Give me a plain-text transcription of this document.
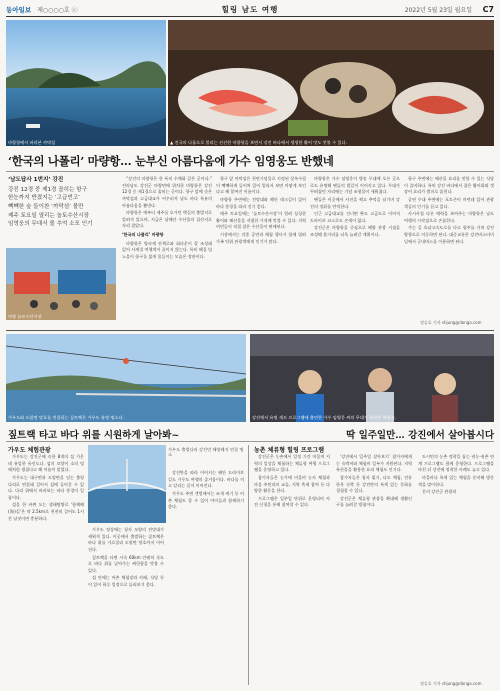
동아일보 제○○○○호 ⓒ	힐링 남도 여행	2022년 5월 23일 월요일 C7
마량항에서 바라본 까막섬	▲ 전국의 나룹으로 불리는 선선한 마량항을 보면서 강진 바다에서 생생한 활어 맛도 맛볼 수 있다.
‘한국의 나폴리’ 마량항… 눈부신 아름다움에 가수 임영웅도 반했네
‘남도답사 1번지’ 강진
강진 12경 중 제1경 꼽히는 항구
한눈까지 반겼지는 ‘고급빈고’
빽빽한 숲 들이찬 ‘까막섬’ 볼만
제주 토요일 열리는 놀토수산시장
임영웅의 무대서 볼 추억 소포 인기
마량 놀토수산시장

“강진의 마량항은 한 폭의 수채화 같은 곳이다.” 전라남도 강진군 마량면에 위치한 마량항은 강진 12경 중 제1경으로 꼽히는 곳이다. 항구 앞에 솟은 까막섬과 고금대교가 어우러져 남도 바다 특유의 아름다움을 뽐낸다.

마량항은 예부터 제주를 오가던 뱃길의 출발지로 알려져 있으며, 지금은 남해안 수산물의 집산지로 자리 잡았다.

‘한국의 나폴리’ 마량항

마량항은 방파제 산책로와 회타운이 잘 조성돼 있어 사계절 여행객이 끊이지 않는다. 특히 해질 녘 노을이 항구를 붉게 물들이는 모습은 장관이다.

항구 앞 까막섬은 천연기념물로 지정된 상록수림이 빽빽하게 들어차 있어 멀리서 보면 까맣게 보인다고 해 붙여진 이름이다.

마량항 주변에는 전망대와 해안 데크길이 있어 바다 풍경을 따라 걷기 좋다.

매주 토요일에는 ‘놀토수산시장’이 열려 싱싱한 활어와 해산물을 저렴한 가격에 맛볼 수 있다. 지역 어민들이 직접 잡은 수산물이 판매된다.

시장에서는 각종 공연과 체험 행사가 함께 열려 가족 단위 관광객에게 인기가 많다.

마량항은 가수 임영웅이 방송 무대에 오른 곳으로도 유명해 팬들의 발길이 이어지고 있다. 무대가 꾸려졌던 자리에는 기념 조형물이 세워졌다.

팬들은 이곳에서 사진을 찍고 추억을 남기며 강진의 정취를 만끽한다.

인근 고금대교를 건너면 완도 고금도로 이어져 드라이브 코스로도 손색이 없다.

강진군은 마량항을 중심으로 해양 관광 거점을 조성해 볼거리를 더욱 늘려갈 계획이다.

항구 주변에는 해산물 요리를 맛볼 수 있는 식당이 즐비하다. 특히 강진 바다에서 잡은 활어회와 갯장어 요리가 별미로 꼽힌다.

공연 무대 주변에는 포토존이 마련돼 있어 관광객들의 인기를 끌고 있다.

사시사철 다른 매력을 보여주는 마량항은 남도 여행의 시작점으로 손꼽힌다.

가는 길 호남고속도로를 타고 광주를 거쳐 강진 방향으로 이동하면 된다. 대중교통은 강진버스터미널에서 군내버스를 이용하면 된다.

정승호 기자 shjung@donga.com
가우도와 도암면 망호를 연결하는 짚트랙은 가우도 유명 명소다.	강진에서 유명 셰프 프로그램에 출연한 가수 임영웅 씨의 무대가 재현된 체험관.
짚트랙 타고 바다 위를 시원하게 날아봐~	딱 일주일만… 강진에서 살아봅시다
가우도 체험관광

가우도는 강진군에 속한 8개의 섬 가운데 유일한 유인도다. 섬의 모양이 소의 멍에처럼 생겼다고 해 이름이 붙었다.

가우도는 대구면과 도암면을 잇는 출렁다리로 연결돼 걸어서 섬에 들어갈 수 있다. 다리 위에서 바라보는 바다 풍경이 일품이다.

섬을 한 바퀴 도는 생태탐방로 ‘함께해(海)길’은 약 2.5km로 천천히 걸어도 1시간 남짓이면 충분하다.

가우도 출렁다리 강진만 해양레저 연결 명소

가우도 정상에는 청자 모양의 전망대가 세워져 있다. 이곳에서 출발하는 짚트랙은 바다 위를 가로질러 도암면 망호까지 이어진다.

짚트랙을 타면 시속 60km 안팎의 속도로 바다 위를 날아가는 짜릿함을 맛볼 수 있다.

섬 안에는 어촌 체험장과 카페, 식당 등이 있어 하루 일정으로 둘러보기 좋다.

강진만을 따라 이어지는 해안 드라이브 길도 가우도 여행의 즐거움이다. 바다를 끼고 달리는 길이 이어진다.

가우도 주변 갯벌에서는 조개 캐기 등 어촌 체험도 할 수 있어 아이들과 함께하기 좋다.

농촌 체류형 힐링 프로그램

강진군은 농촌에서 일정 기간 머물며 지역의 일상을 체험하는 체류형 여행 프로그램을 운영하고 있다.

참가자들은 농가에 머물며 농사 체험과 마을 주민과의 교류, 지역 축제 참여 등 다양한 활동을 한다.

프로그램은 일주일 단위로 운영되며 사전 신청을 통해 참여할 수 있다.

‘강진에서 일주일 살아보기’ 참가자에게는 숙박비와 체험비 일부가 지원된다. 지역 특산물을 활용한 요리 체험도 인기다.

참가자들은 청자 빚기, 다도 체험, 전통 한옥 숙박 등 강진만의 특색 있는 문화를 경험할 수 있다.

강진군은 체류형 관광을 확대해 생활인구를 늘려갈 방침이다.

도시민의 농촌 정착을 돕는 귀농·귀촌 연계 프로그램도 함께 운영한다. 프로그램을 마친 뒤 강진에 정착한 사례도 늘고 있다.

마을마다 특색 있는 체험을 준비해 방문객을 맞이한다.

문의 강진군 관광과

정승호 기자 shjung@donga.com
